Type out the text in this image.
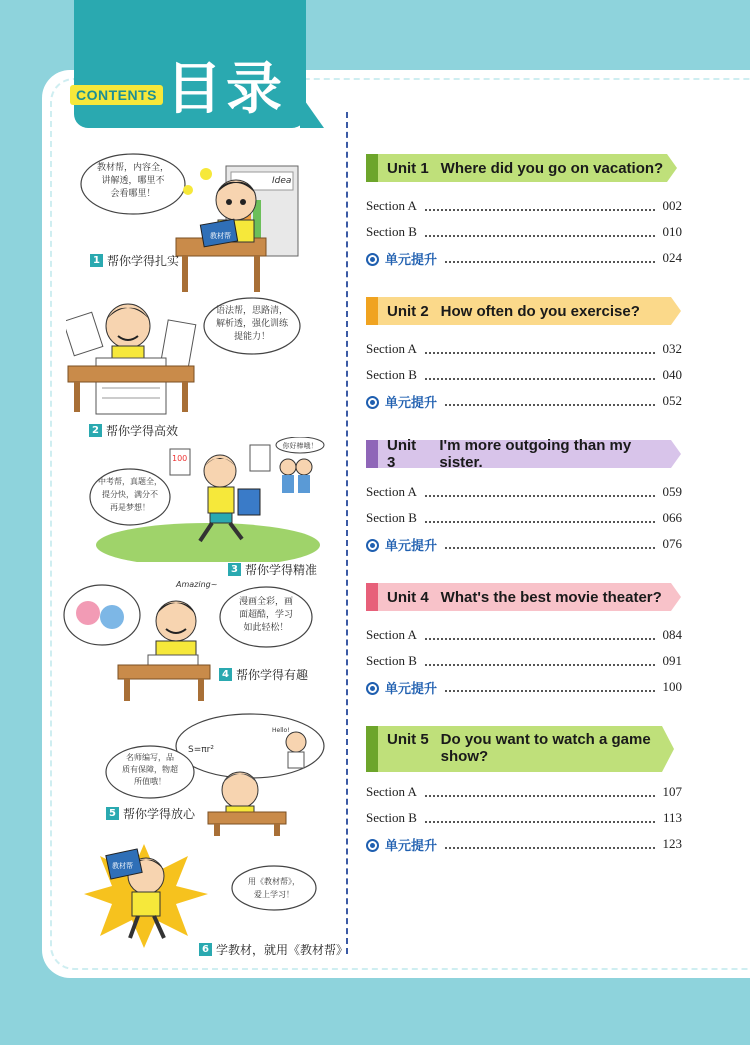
CONTENTS 目录
教材帮，内容全，
讲解透，哪里不
会看哪里！
Idea
教材帮
1 帮你学得扎实
语法帮，思路清，
解析透，强化训练
提能力！
2 帮你学得高效
中考帮，真题全，
提分快，满分不
再是梦想！
100
你好棒哦！
3 帮你学得精准
Amazing~
漫画全彩，画
面超酷，学习
如此轻松！
4 帮你学得有趣
S=πr²
Hello!
名师编写，品
质有保障，物超
所值哦！
5 帮你学得放心
教材帮
用《教材帮》，
爱上学习！
6 学教材，就用《教材帮》
Unit 1 Where did you go on vacation?
Section A	002
Section B	010
单元提升	024
Unit 2 How often do you exercise?
Section A	032
Section B	040
单元提升	052
Unit 3
I'm more outgoing than my sister.
Section A	059
Section B	066
单元提升	076
Unit 4 What's the best movie theater?
Section A	084
Section B	091
单元提升	100
Unit 5 Do you want to watch a game
show?
Section A	107
Section B	113
单元提升	123
